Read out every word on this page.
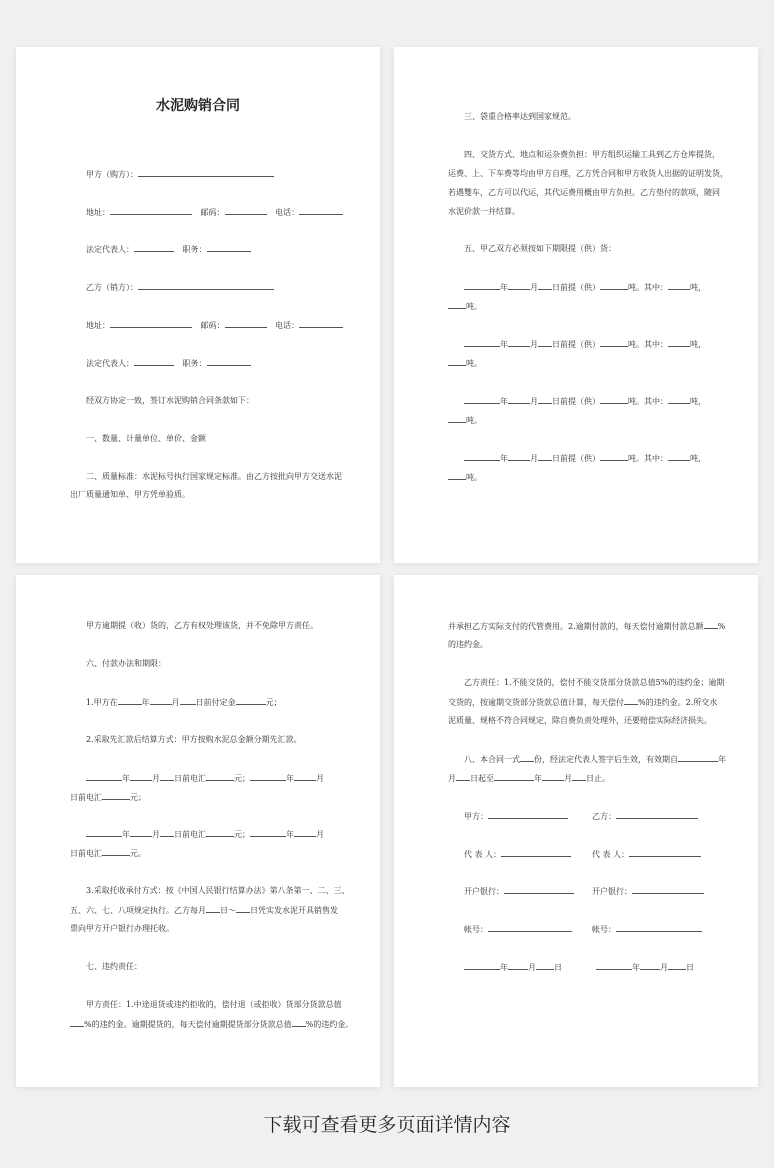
水泥购销合同
甲方（购方）：
地址：	邮码：	电话：
法定代表人：	职务：
乙方（销方）：
地址：	邮码：	电话：
法定代表人：	职务：
经双方协定一致，签订水泥购销合同条款如下：
一、数量、计量单位、单价、金额
二、质量标准：水泥标号执行国家规定标准。由乙方按批向甲方交送水泥
出厂质量通知单、甲方凭单验质。
三、袋重合格率达到国家规范。
四、交货方式、地点和运杂费负担：甲方组织运输工具到乙方仓库提货，
运费、上、下车费等均由甲方自理，乙方凭合同和甲方收货人出据的证明发货，
若遇雙车，乙方可以代运，其代运费用概由甲方负担。乙方垫付的款项，随同
水泥价款一并结算。
五、甲乙双方必须按如下期限提（供）货：
年	月 日前提（供）	吨。其中：	吨，
吨。
年	月 日前提（供）	吨。其中：	吨，
吨。
年	月 日前提（供）	吨。其中：	吨，
吨。
年	月 日前提（供）	吨。其中：	吨，
吨。
甲方逾期提（收）货的，乙方有权处理该货，并不免除甲方责任。
六、付款办法和期限：
1.甲方在	年	月 日前付定金	元；
2.采取先汇款后结算方式：甲方按购水泥总金额分期先汇款。
年	月 日前电汇	元；	年	月
日前电汇	元；
年	月 日前电汇	元；	年	月
日前电汇	元。
3.采取托收承付方式：按《中国人民银行结算办法》第八条第一、二、三、
五、六、七、八项规定执行。乙方每月 日～ 日凭实发水泥开具销售发
票向甲方开户银行办理托收。
七、违约责任：
甲方责任：1.中途退货或违约拒收的，偿付退（或拒收）货部分货款总值
%的违约金。逾期提货的，每天偿付逾期提货部分货款总值 %的违约金。
并承担乙方实际支付的代管费用。2.逾期付款的，每天偿付逾期付款总额 %
的违约金。
乙方责任：1.不能交货的，偿付不能交货部分货款总值5%的违约金；逾期
交货的，按逾期交货部分货款总值计算，每天偿付 %的违约金。2.所交水
泥质量、规格不符合同规定，除自费负责处理外，还要赔偿实际经济损失。
八、本合同一式 份，经法定代表人签字后生效，有效期自	年
月 日起至	年	月 日止。
甲方：	乙方：
代 表 人：	代 表 人：
开户银行：	开户银行：
帐号：	帐号：
年	月 日	年	月 日
下载可查看更多页面详情内容
